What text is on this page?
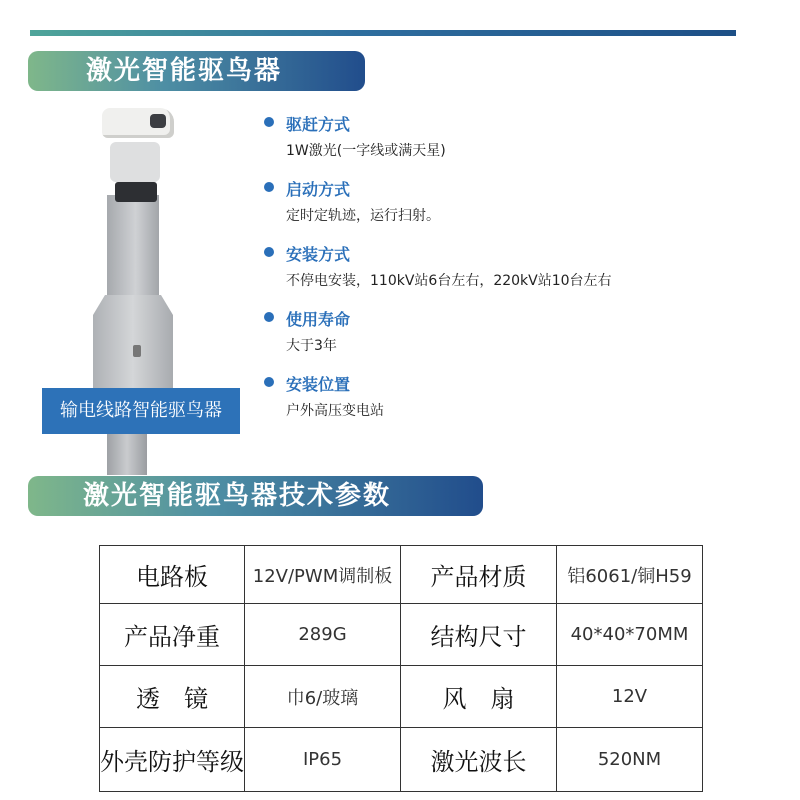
激光智能驱鸟器
输电线路智能驱鸟器
驱赶方式
1W激光(一字线或满天星)
启动方式
定时定轨迹，运行扫射。
安装方式
不停电安装，110kV站6台左右，220kV站10台左右
使用寿命
大于3年
安装位置
户外高压变电站
激光智能驱鸟器技术参数
电路板	12V/PWM调制板	产品材质	铝6061/铜H59
产品净重	289G	结构尺寸	40*40*70MM
透　镜	巾6/玻璃	风　扇	12V
外壳防护等级	IP65	激光波长	520NM
